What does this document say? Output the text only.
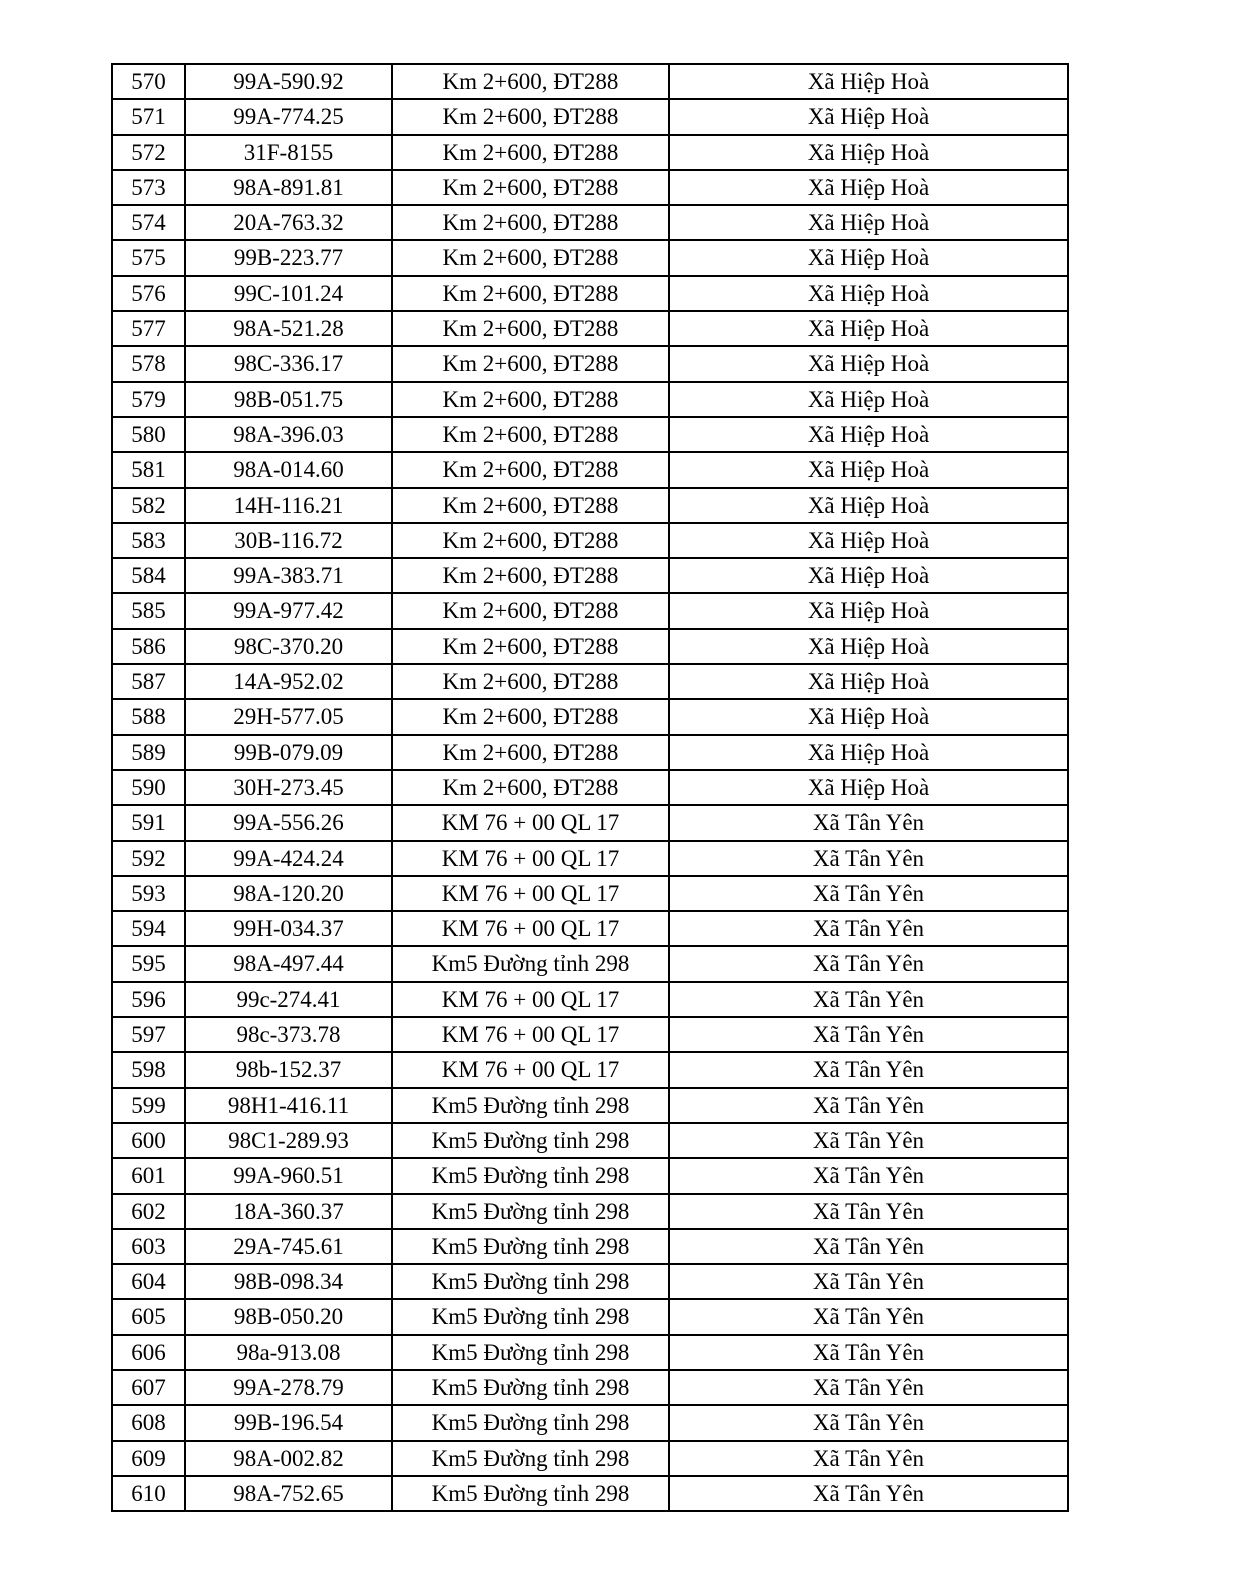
570	99A-590.92	Km 2+600, ĐT288	Xã Hiệp Hoà
571	99A-774.25	Km 2+600, ĐT288	Xã Hiệp Hoà
572	31F-8155	Km 2+600, ĐT288	Xã Hiệp Hoà
573	98A-891.81	Km 2+600, ĐT288	Xã Hiệp Hoà
574	20A-763.32	Km 2+600, ĐT288	Xã Hiệp Hoà
575	99B-223.77	Km 2+600, ĐT288	Xã Hiệp Hoà
576	99C-101.24	Km 2+600, ĐT288	Xã Hiệp Hoà
577	98A-521.28	Km 2+600, ĐT288	Xã Hiệp Hoà
578	98C-336.17	Km 2+600, ĐT288	Xã Hiệp Hoà
579	98B-051.75	Km 2+600, ĐT288	Xã Hiệp Hoà
580	98A-396.03	Km 2+600, ĐT288	Xã Hiệp Hoà
581	98A-014.60	Km 2+600, ĐT288	Xã Hiệp Hoà
582	14H-116.21	Km 2+600, ĐT288	Xã Hiệp Hoà
583	30B-116.72	Km 2+600, ĐT288	Xã Hiệp Hoà
584	99A-383.71	Km 2+600, ĐT288	Xã Hiệp Hoà
585	99A-977.42	Km 2+600, ĐT288	Xã Hiệp Hoà
586	98C-370.20	Km 2+600, ĐT288	Xã Hiệp Hoà
587	14A-952.02	Km 2+600, ĐT288	Xã Hiệp Hoà
588	29H-577.05	Km 2+600, ĐT288	Xã Hiệp Hoà
589	99B-079.09	Km 2+600, ĐT288	Xã Hiệp Hoà
590	30H-273.45	Km 2+600, ĐT288	Xã Hiệp Hoà
591	99A-556.26	KM 76 + 00 QL 17	Xã Tân Yên
592	99A-424.24	KM 76 + 00 QL 17	Xã Tân Yên
593	98A-120.20	KM 76 + 00 QL 17	Xã Tân Yên
594	99H-034.37	KM 76 + 00 QL 17	Xã Tân Yên
595	98A-497.44	Km5 Đường tỉnh 298	Xã Tân Yên
596	99c-274.41	KM 76 + 00 QL 17	Xã Tân Yên
597	98c-373.78	KM 76 + 00 QL 17	Xã Tân Yên
598	98b-152.37	KM 76 + 00 QL 17	Xã Tân Yên
599	98H1-416.11	Km5 Đường tỉnh 298	Xã Tân Yên
600	98C1-289.93	Km5 Đường tỉnh 298	Xã Tân Yên
601	99A-960.51	Km5 Đường tỉnh 298	Xã Tân Yên
602	18A-360.37	Km5 Đường tỉnh 298	Xã Tân Yên
603	29A-745.61	Km5 Đường tỉnh 298	Xã Tân Yên
604	98B-098.34	Km5 Đường tỉnh 298	Xã Tân Yên
605	98B-050.20	Km5 Đường tỉnh 298	Xã Tân Yên
606	98a-913.08	Km5 Đường tỉnh 298	Xã Tân Yên
607	99A-278.79	Km5 Đường tỉnh 298	Xã Tân Yên
608	99B-196.54	Km5 Đường tỉnh 298	Xã Tân Yên
609	98A-002.82	Km5 Đường tỉnh 298	Xã Tân Yên
610	98A-752.65	Km5 Đường tỉnh 298	Xã Tân Yên
